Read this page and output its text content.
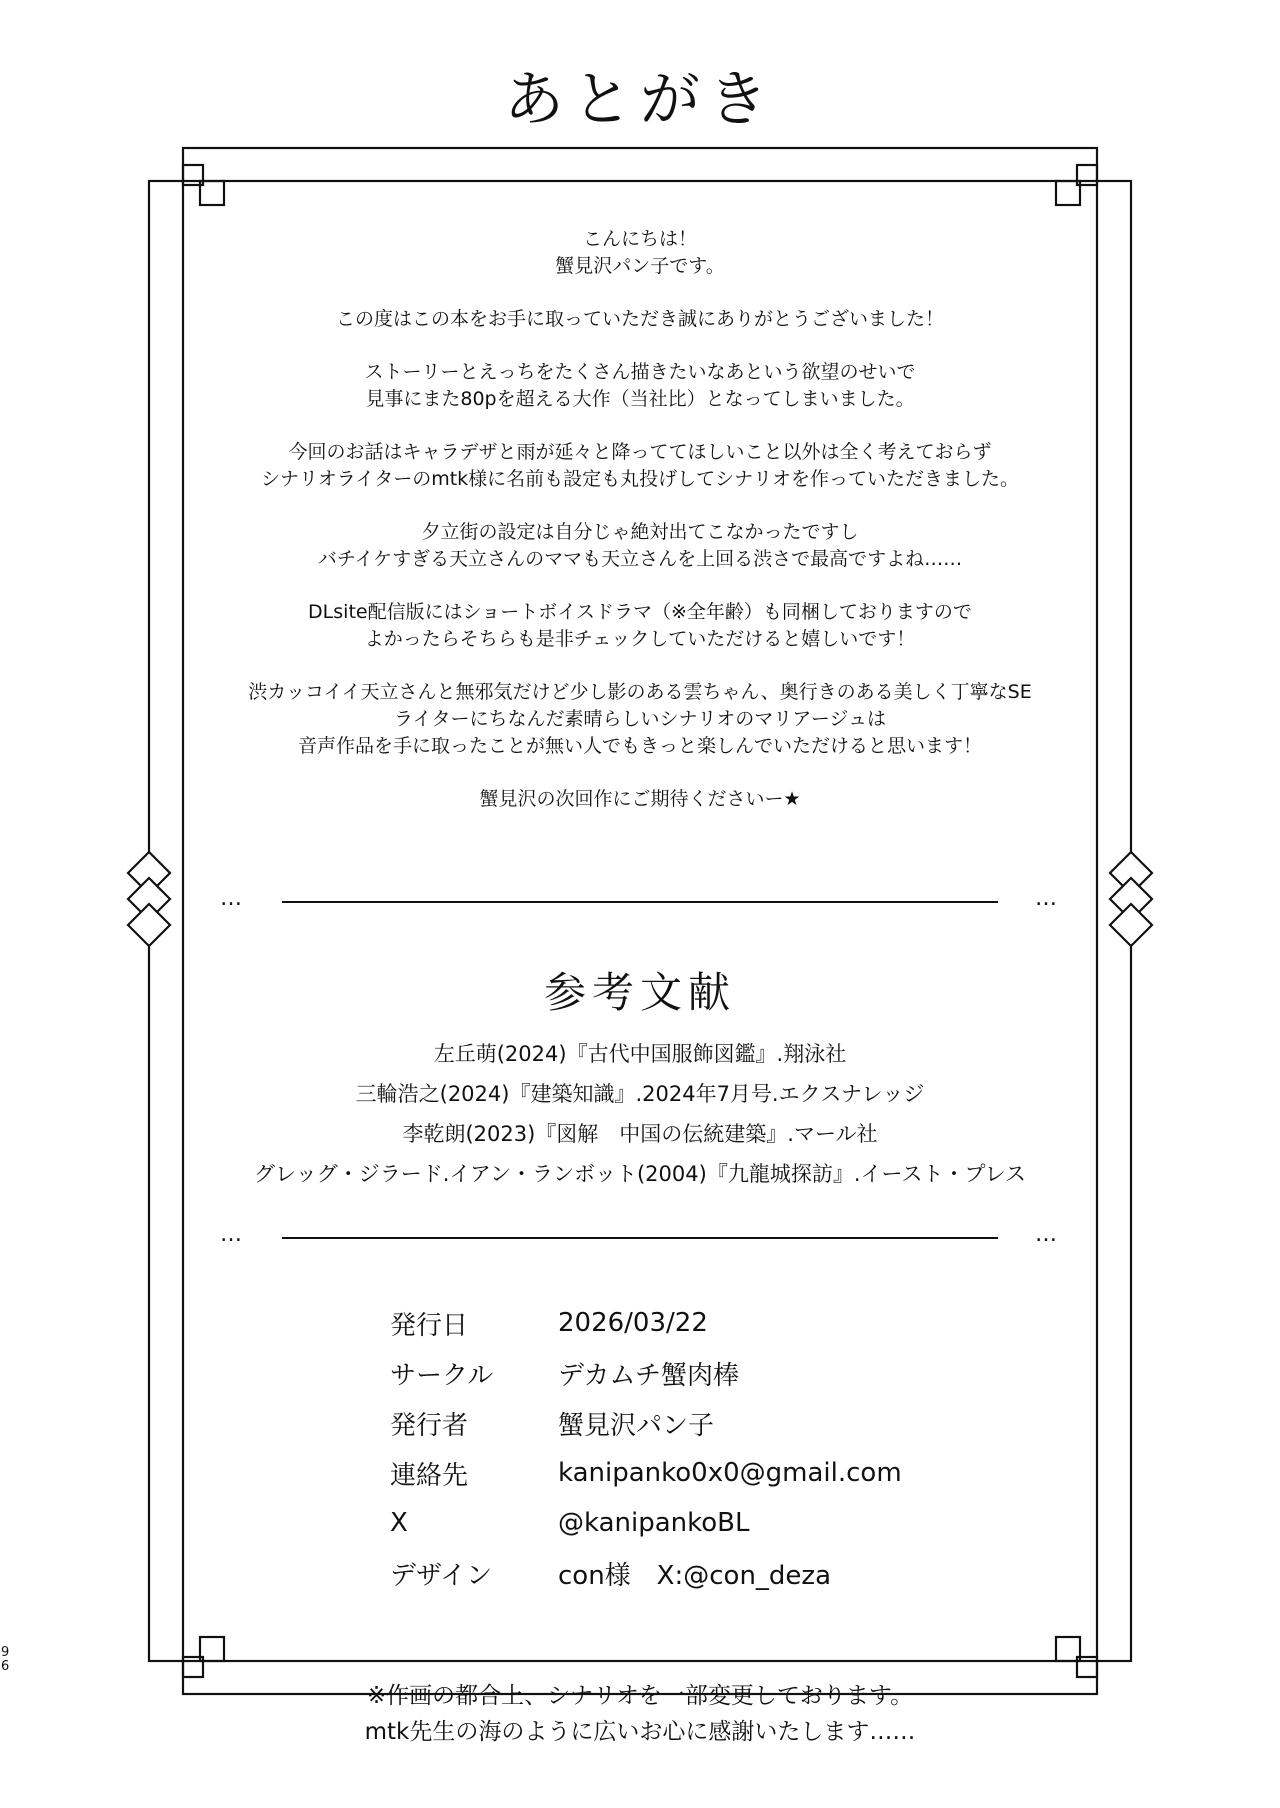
あとがき
こんにちは！
蟹見沢パン子です。
この度はこの本をお手に取っていただき誠にありがとうございました！
ストーリーとえっちをたくさん描きたいなあという欲望のせいで
見事にまた80pを超える大作（当社比）となってしまいました。
今回のお話はキャラデザと雨が延々と降っててほしいこと以外は全く考えておらず
シナリオライターのmtk様に名前も設定も丸投げしてシナリオを作っていただきました。
夕立街の設定は自分じゃ絶対出てこなかったですし
バチイケすぎる天立さんのママも天立さんを上回る渋さで最高ですよね……
DLsite配信版にはショートボイスドラマ（※全年齢）も同梱しておりますので
よかったらそちらも是非チェックしていただけると嬉しいです！
渋カッコイイ天立さんと無邪気だけど少し影のある雲ちゃん、奥行きのある美しく丁寧なSE
ライターにちなんだ素晴らしいシナリオのマリアージュは
音声作品を手に取ったことが無い人でもきっと楽しんでいただけると思います！
蟹見沢の次回作にご期待くださいー★
…	…
参考文献
左丘萌(2024)『古代中国服飾図鑑』.翔泳社
三輪浩之(2024)『建築知識』.2024年7月号.エクスナレッジ
李乾朗(2023)『図解　中国の伝統建築』.マール社
グレッグ・ジラード.イアン・ランボット(2004)『九龍城探訪』.イースト・プレス
…	…
発行日	2026/03/22
サークル	デカムチ蟹肉棒
発行者	蟹見沢パン子
連絡先	kanipanko0x0@gmail.com
X	@kanipankoBL
デザイン	con様　X:@con_deza
96
※作画の都合上、シナリオを一部変更しております。
mtk先生の海のように広いお心に感謝いたします……
